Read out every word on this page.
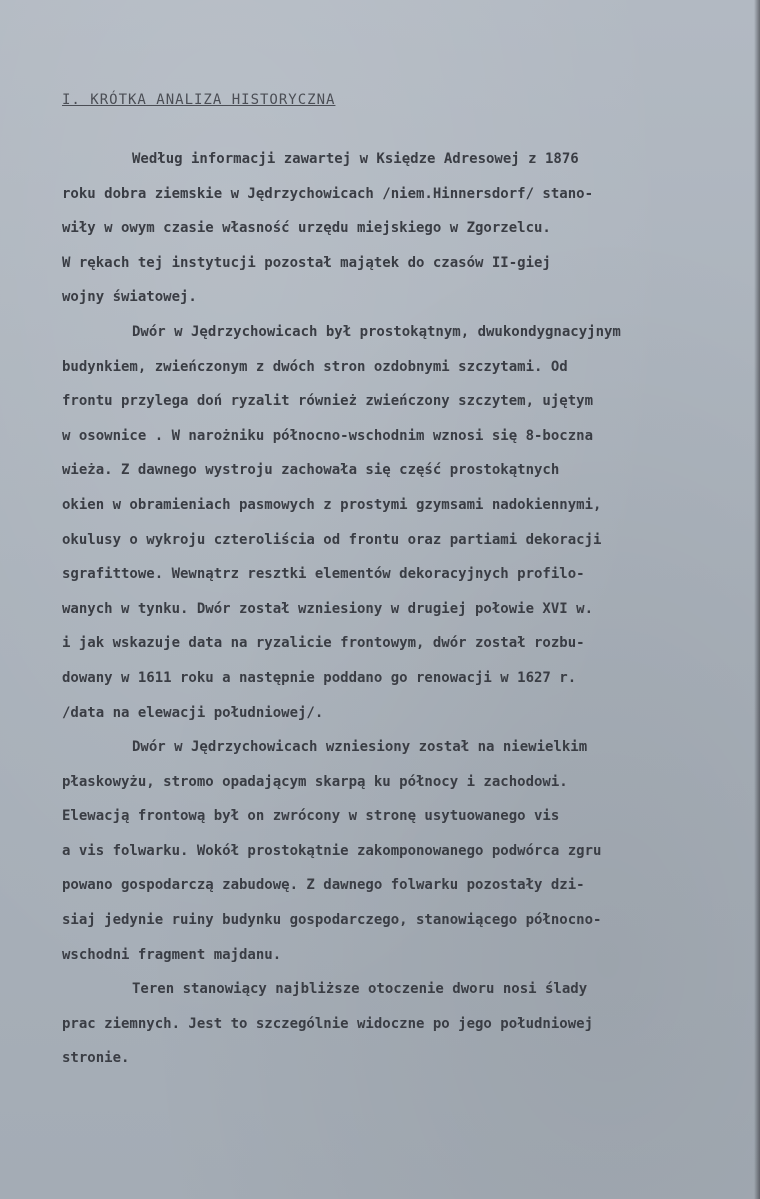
I. KRÓTKA ANALIZA HISTORYCZNA
Według informacji zawartej w Księdze Adresowej z 1876
roku dobra ziemskie w Jędrzychowicach /niem.Hinnersdorf/ stano-
wiły w owym czasie własność urzędu miejskiego w Zgorzelcu.
W rękach tej instytucji pozostał majątek do czasów II-giej
wojny światowej.
Dwór w Jędrzychowicach był prostokątnym, dwukondygnacyjnym
budynkiem, zwieńczonym z dwóch stron ozdobnymi szczytami. Od
frontu przylega doń ryzalit również zwieńczony szczytem, ujętym
w osownice . W narożniku północno-wschodnim wznosi się 8-boczna
wieża. Z dawnego wystroju zachowała się część prostokątnych
okien w obramieniach pasmowych z prostymi gzymsami nadokiennymi,
okulusy o wykroju czteroliścia od frontu oraz partiami dekoracji
sgrafittowe. Wewnątrz resztki elementów dekoracyjnych profilo-
wanych w tynku. Dwór został wzniesiony w drugiej połowie XVI w.
i jak wskazuje data na ryzalicie frontowym, dwór został rozbu-
dowany w 1611 roku a następnie poddano go renowacji w 1627 r.
/data na elewacji południowej/.
Dwór w Jędrzychowicach wzniesiony został na niewielkim
płaskowyżu, stromo opadającym skarpą ku północy i zachodowi.
Elewacją frontową był on zwrócony w stronę usytuowanego vis
a vis folwarku. Wokół prostokątnie zakomponowanego podwórca zgru
powano gospodarczą zabudowę. Z dawnego folwarku pozostały dzi-
siaj jedynie ruiny budynku gospodarczego, stanowiącego północno-
wschodni fragment majdanu.
Teren stanowiący najbliższe otoczenie dworu nosi ślady
prac ziemnych. Jest to szczególnie widoczne po jego południowej
stronie.
